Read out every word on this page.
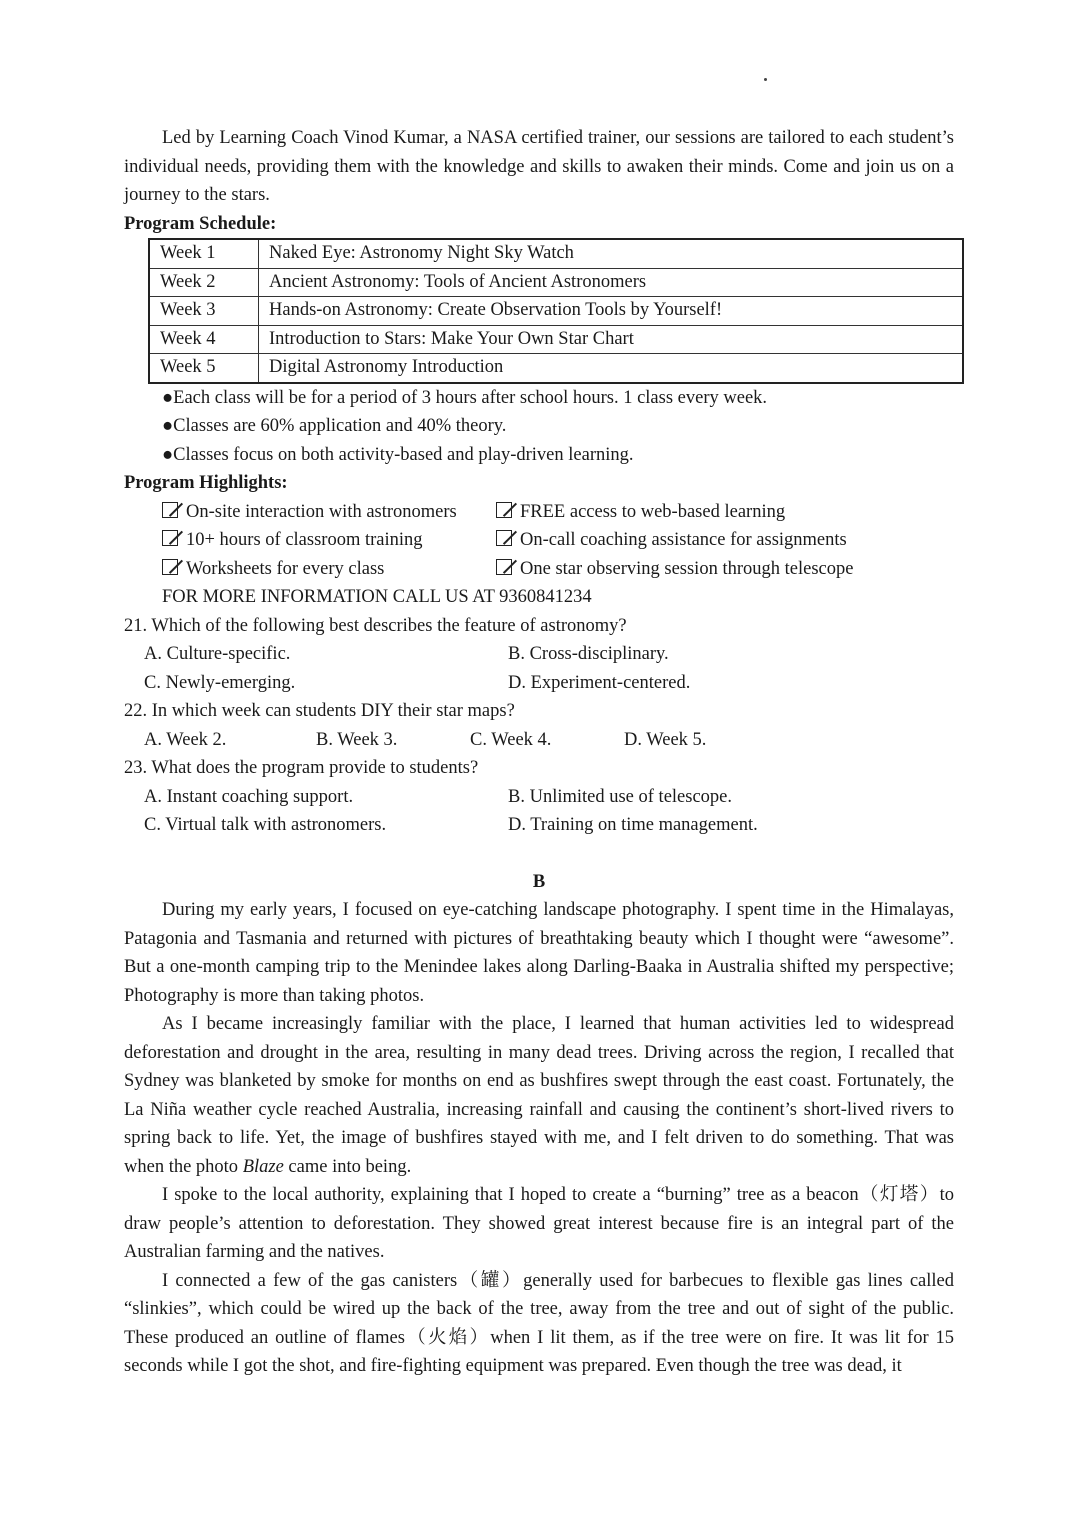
Led by Learning Coach Vinod Kumar, a NASA certified trainer, our sessions are tailored to each student’s individual needs, providing them with the knowledge and skills to awaken their minds. Come and join us on a journey to the stars.

Program Schedule:

Week 1	Naked Eye: Astronomy Night Sky Watch
Week 2	Ancient Astronomy: Tools of Ancient Astronomers
Week 3	Hands-on Astronomy: Create Observation Tools by Yourself!
Week 4	Introduction to Stars: Make Your Own Star Chart
Week 5	Digital Astronomy Introduction

●Each class will be for a period of 3 hours after school hours. 1 class every week.

●Classes are 60% application and 40% theory.

●Classes focus on both activity-based and play-driven learning.

Program Highlights:

On-site interaction with astronomers	FREE access to web-based learning
10+ hours of classroom training	On-call coaching assistance for assignments
Worksheets for every class	One star observing session through telescope

FOR MORE INFORMATION CALL US AT 9360841234

21. Which of the following best describes the feature of astronomy?

A. Culture-specific.	B. Cross-disciplinary.
C. Newly-emerging.	D. Experiment-centered.

22. In which week can students DIY their star maps?

A. Week 2.	B. Week 3.	C. Week 4.	D. Week 5.

23. What does the program provide to students?

A. Instant coaching support.	B. Unlimited use of telescope.
C. Virtual talk with astronomers.	D. Training on time management.

B

During my early years, I focused on eye-catching landscape photography. I spent time in the Himalayas, Patagonia and Tasmania and returned with pictures of breathtaking beauty which I thought were “awesome”. But a one-month camping trip to the Menindee lakes along Darling-Baaka in Australia shifted my perspective; Photography is more than taking photos.

As I became increasingly familiar with the place, I learned that human activities led to widespread deforestation and drought in the area, resulting in many dead trees. Driving across the region, I recalled that Sydney was blanketed by smoke for months on end as bushfires swept through the east coast. Fortunately, the La Niña weather cycle reached Australia, increasing rainfall and causing the continent’s short-lived rivers to spring back to life. Yet, the image of bushfires stayed with me, and I felt driven to do something. That was when the photo Blaze came into being.

I spoke to the local authority, explaining that I hoped to create a “burning” tree as a beacon（灯塔）to draw people’s attention to deforestation. They showed great interest because fire is an integral part of the Australian farming and the natives.

I connected a few of the gas canisters（罐）generally used for barbecues to flexible gas lines called “slinkies”, which could be wired up the back of the tree, away from the tree and out of sight of the public. These produced an outline of flames（火焰）when I lit them, as if the tree were on fire. It was lit for 15 seconds while I got the shot, and fire-fighting equipment was prepared. Even though the tree was dead, it
